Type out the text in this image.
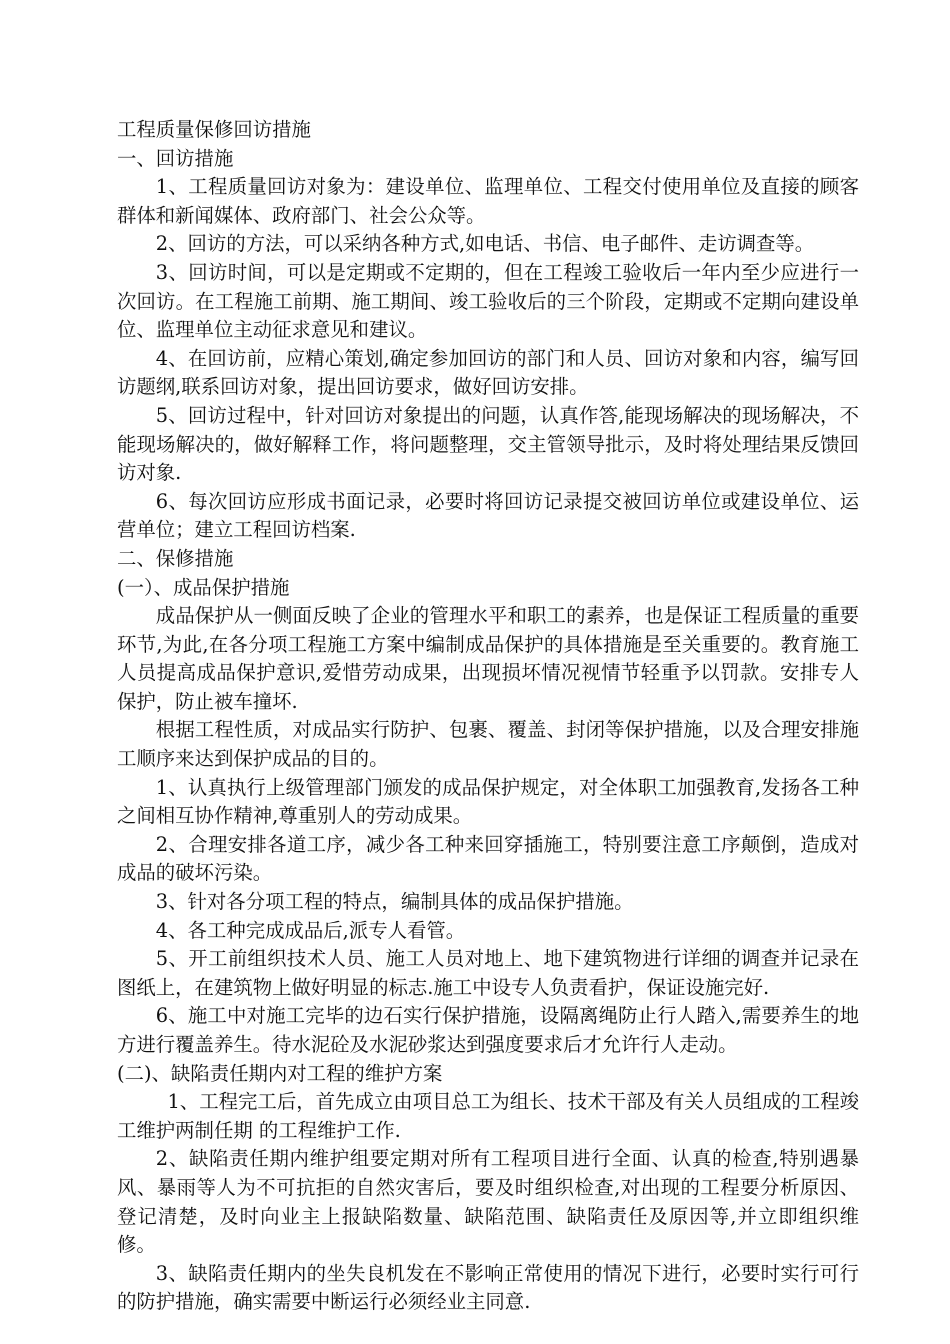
工程质量保修回访措施

一、回访措施

1、工程质量回访对象为：建设单位、监理单位、工程交付使用单位及直接的顾客群体和新闻媒体、政府部门、社会公众等。

2、回访的方法，可以采纳各种方式,如电话、书信、电子邮件、走访调查等。

3、回访时间，可以是定期或不定期的，但在工程竣工验收后一年内至少应进行一次回访。在工程施工前期、施工期间、竣工验收后的三个阶段，定期或不定期向建设单位、监理单位主动征求意见和建议。

4、在回访前，应精心策划,确定参加回访的部门和人员、回访对象和内容，编写回访题纲,联系回访对象，提出回访要求，做好回访安排。

5、回访过程中，针对回访对象提出的问题，认真作答,能现场解决的现场解决，不能现场解决的，做好解释工作，将问题整理，交主管领导批示，及时将处理结果反馈回访对象.

6、每次回访应形成书面记录，必要时将回访记录提交被回访单位或建设单位、运营单位；建立工程回访档案.

二、保修措施

(一）、成品保护措施

成品保护从一侧面反映了企业的管理水平和职工的素养，也是保证工程质量的重要环节,为此,在各分项工程施工方案中编制成品保护的具体措施是至关重要的。教育施工人员提高成品保护意识,爱惜劳动成果，出现损坏情况视情节轻重予以罚款。安排专人保护，防止被车撞坏.

根据工程性质，对成品实行防护、包裹、覆盖、封闭等保护措施，以及合理安排施工顺序来达到保护成品的目的。

1、认真执行上级管理部门颁发的成品保护规定，对全体职工加强教育,发扬各工种之间相互协作精神,尊重别人的劳动成果。

2、合理安排各道工序，减少各工种来回穿插施工，特别要注意工序颠倒，造成对成品的破坏污染。

3、针对各分项工程的特点，编制具体的成品保护措施。

4、各工种完成成品后,派专人看管。

5、开工前组织技术人员、施工人员对地上、地下建筑物进行详细的调查并记录在图纸上，在建筑物上做好明显的标志.施工中设专人负责看护，保证设施完好.

6、施工中对施工完毕的边石实行保护措施，设隔离绳防止行人踏入,需要养生的地方进行覆盖养生。待水泥砼及水泥砂浆达到强度要求后才允许行人走动。

(二)、缺陷责任期内对工程的维护方案

1、工程完工后，首先成立由项目总工为组长、技术干部及有关人员组成的工程竣工维护两制任期 的工程维护工作.

2、缺陷责任期内维护组要定期对所有工程项目进行全面、认真的检查,特别遇暴风、暴雨等人为不可抗拒的自然灾害后，要及时组织检查,对出现的工程要分析原因、登记清楚，及时向业主上报缺陷数量、缺陷范围、缺陷责任及原因等,并立即组织维修。

3、缺陷责任期内的坐失良机发在不影响正常使用的情况下进行，必要时实行可行的防护措施，确实需要中断运行必须经业主同意.
